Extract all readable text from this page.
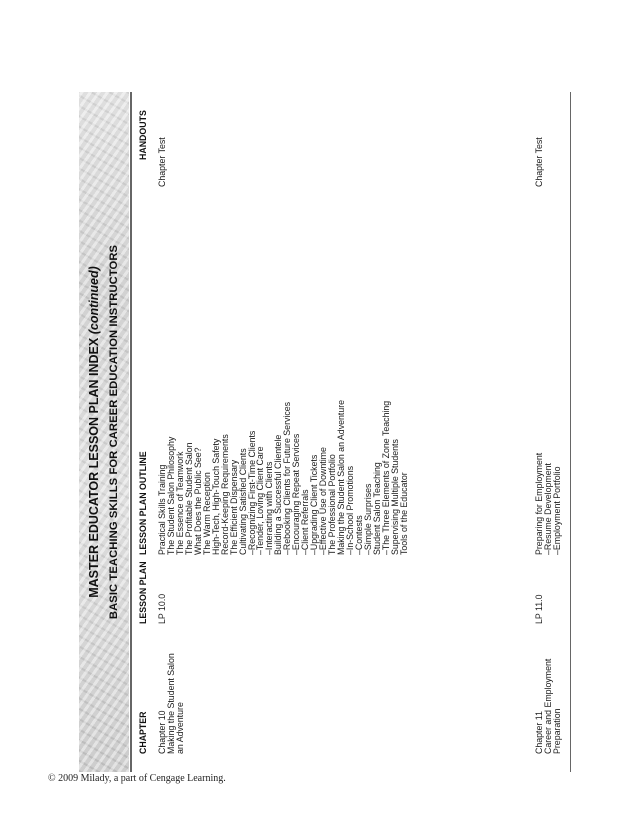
MASTER EDUCATOR LESSON PLAN INDEX (continued) BASIC TEACHING SKILLS FOR CAREER EDUCATION INSTRUCTORS
CHAPTER
LESSON PLAN
LESSON PLAN OUTLINE
HANDOUTS
Chapter 10
Making the Student Salon
an Adventure
LP 10.0
Practical Skills Training
The Student Salon Philosophy
The Essence of Teamwork
The Profitable Student Salon
What Does the Public See?
The Warm Reception
High-Tech, High-Touch Safety
Record-Keeping Requirements
The Efficient Dispensary
Cultivating Satisfied Clients
–Recognizing First-Time Clients
–Tender, Loving Client Care
–Interacting with Clients
Building a Successful Clientele
–Rebooking Clients for Future Services
–Encouraging Repeat Services
–Client Referrals
–Upgrading Client Tickets
–Effective Use of Downtime
The Professional Portfolio
Making the Student Salon an Adventure
–In-School Promotions
–Contests
–Simple Surprises
Student Salon Teaching
–The Three Elements of Zone Teaching
Supervising Multiple Students
Tools of the Educator
Chapter Test
Chapter 11
Career and Employment
Preparation
LP 11.0
Preparing for Employment
–Resume Development
–Employment Portfolio
Chapter Test
© 2009 Milady, a part of Cengage Learning.
